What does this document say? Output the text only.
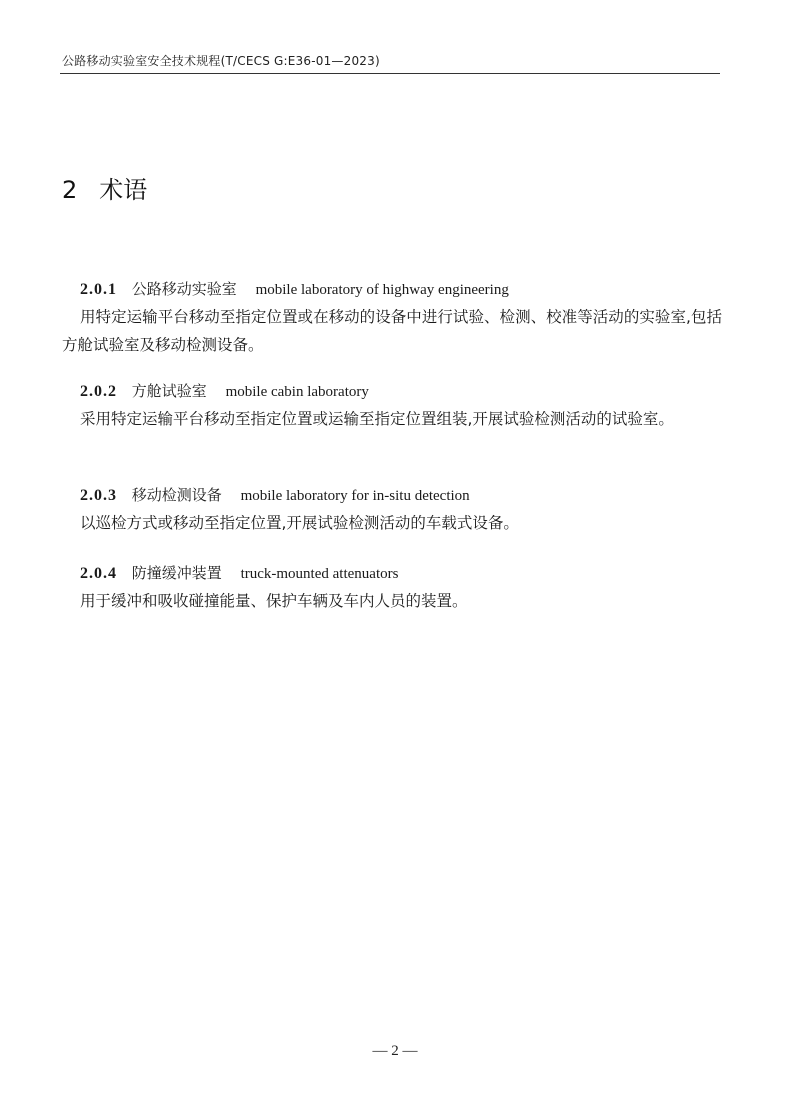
公路移动实验室安全技术规程(T/CECS G:E36-01—2023)
2 术语
2.0.1 公路移动实验室 mobile laboratory of highway engineering

用特定运输平台移动至指定位置或在移动的设备中进行试验、检测、校准等活动的实验室,包括方舱试验室及移动检测设备。

2.0.2 方舱试验室 mobile cabin laboratory

采用特定运输平台移动至指定位置或运输至指定位置组装,开展试验检测活动的试验室。

2.0.3 移动检测设备 mobile laboratory for in-situ detection

以巡检方式或移动至指定位置,开展试验检测活动的车载式设备。

2.0.4 防撞缓冲装置 truck-mounted attenuators

用于缓冲和吸收碰撞能量、保护车辆及车内人员的装置。

— 2 —
